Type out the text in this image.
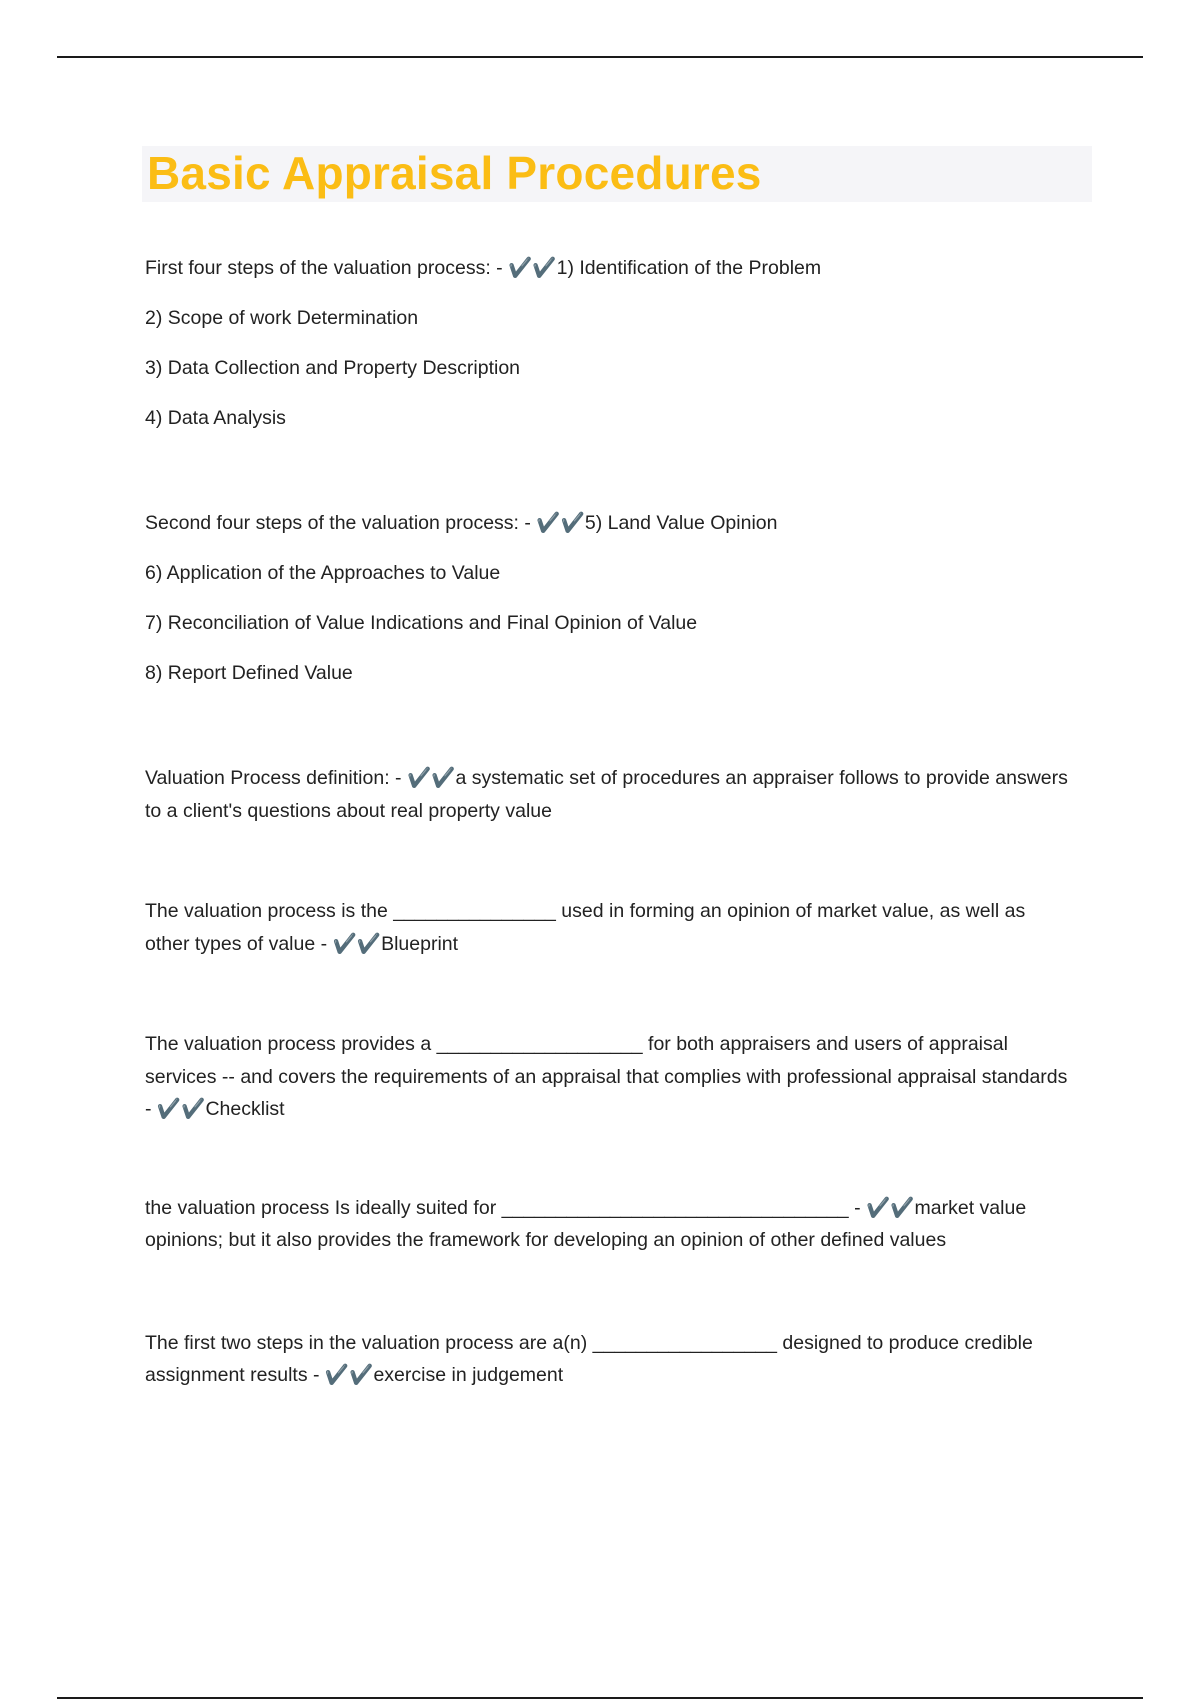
Basic Appraisal Procedures
First four steps of the valuation process: - ✔️✔️1) Identification of the Problem
2) Scope of work Determination
3) Data Collection and Property Description
4) Data Analysis
Second four steps of the valuation process: - ✔️✔️5) Land Value Opinion
6) Application of the Approaches to Value
7) Reconciliation of Value Indications and Final Opinion of Value
8) Report Defined Value
Valuation Process definition: - ✔️✔️a systematic set of procedures an appraiser follows to provide answers to a client's questions about real property value
The valuation process is the _______________ used in forming an opinion of market value, as well as other types of value - ✔️✔️Blueprint
The valuation process provides a ___________________ for both appraisers and users of appraisal services -- and covers the requirements of an appraisal that complies with professional appraisal standards - ✔️✔️Checklist
the valuation process Is ideally suited for ________________________________ - ✔️✔️market value opinions; but it also provides the framework for developing an opinion of other defined values
The first two steps in the valuation process are a(n) _________________ designed to produce credible assignment results - ✔️✔️exercise in judgement
